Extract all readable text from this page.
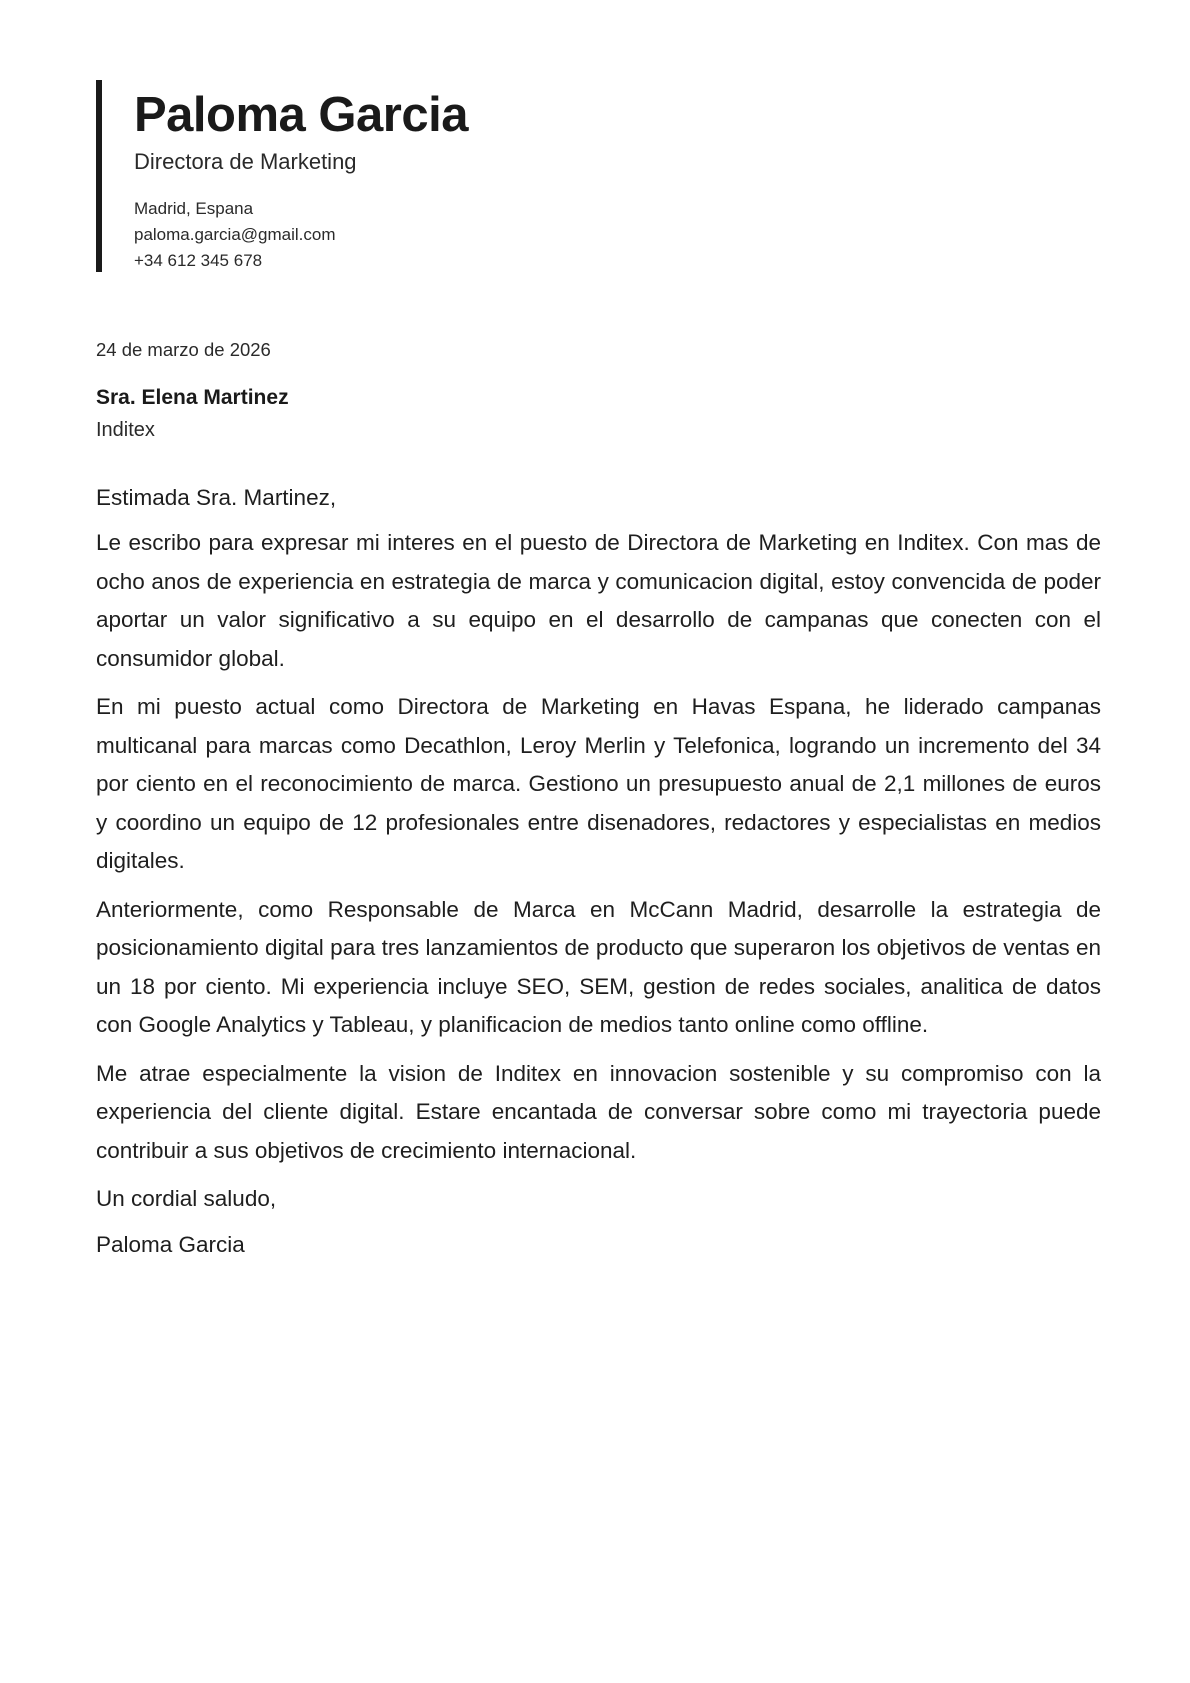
Paloma Garcia
Directora de Marketing
Madrid, Espana
paloma.garcia@gmail.com
+34 612 345 678
24 de marzo de 2026
Sra. Elena Martinez
Inditex
Estimada Sra. Martinez,

Le escribo para expresar mi interes en el puesto de Directora de Marketing en Inditex. Con mas de ocho anos de experiencia en estrategia de marca y comunicacion digital, estoy convencida de poder aportar un valor significativo a su equipo en el desarrollo de campanas que conecten con el consumidor global.

En mi puesto actual como Directora de Marketing en Havas Espana, he liderado campanas multicanal para marcas como Decathlon, Leroy Merlin y Telefonica, logrando un incremento del 34 por ciento en el reconocimiento de marca. Gestiono un presupuesto anual de 2,1 millones de euros y coordino un equipo de 12 profesionales entre disenadores, redactores y especialistas en medios digitales.

Anteriormente, como Responsable de Marca en McCann Madrid, desarrolle la estrategia de posicionamiento digital para tres lanzamientos de producto que superaron los objetivos de ventas en un 18 por ciento. Mi experiencia incluye SEO, SEM, gestion de redes sociales, analitica de datos con Google Analytics y Tableau, y planificacion de medios tanto online como offline.

Me atrae especialmente la vision de Inditex en innovacion sostenible y su compromiso con la experiencia del cliente digital. Estare encantada de conversar sobre como mi trayectoria puede contribuir a sus objetivos de crecimiento internacional.

Un cordial saludo,
Paloma Garcia
